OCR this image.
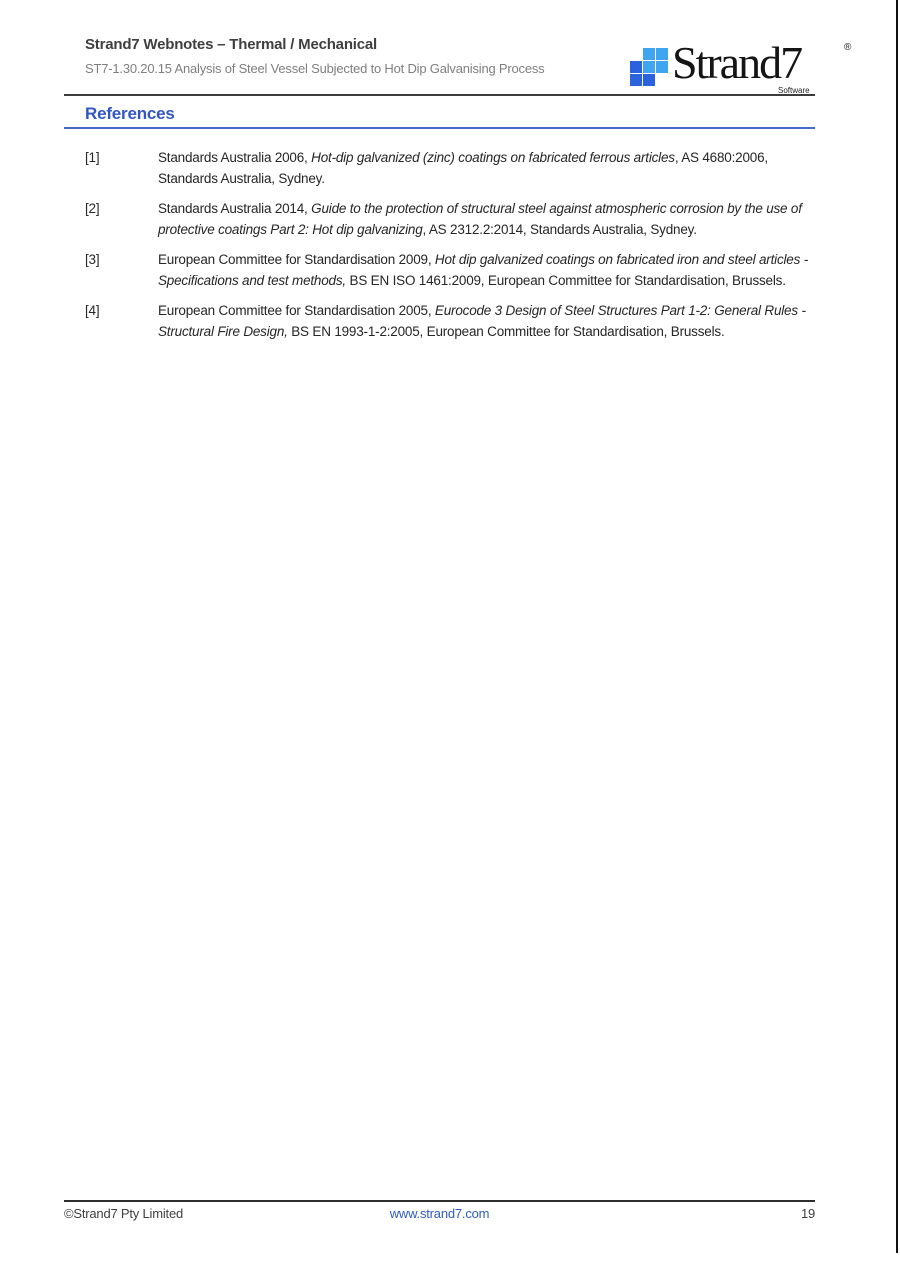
Strand7 Webnotes – Thermal / Mechanical
ST7-1.30.20.15 Analysis of Steel Vessel Subjected to Hot Dip Galvanising Process	Strand7
Software
®
References
[1]	Standards Australia 2006, Hot-dip galvanized (zinc) coatings on fabricated ferrous articles, AS 4680:2006, Standards Australia, Sydney.
[2]	Standards Australia 2014, Guide to the protection of structural steel against atmospheric corrosion by the use of protective coatings Part 2: Hot dip galvanizing, AS 2312.2:2014, Standards Australia, Sydney.
[3]	European Committee for Standardisation 2009, Hot dip galvanized coatings on fabricated iron and steel articles - Specifications and test methods, BS EN ISO 1461:2009, European Committee for Standardisation, Brussels.
[4]	European Committee for Standardisation 2005, Eurocode 3 Design of Steel Structures Part 1-2: General Rules - Structural Fire Design, BS EN 1993-1-2:2005, European Committee for Standardisation, Brussels.
©Strand7 Pty Limited	www.strand7.com	19
